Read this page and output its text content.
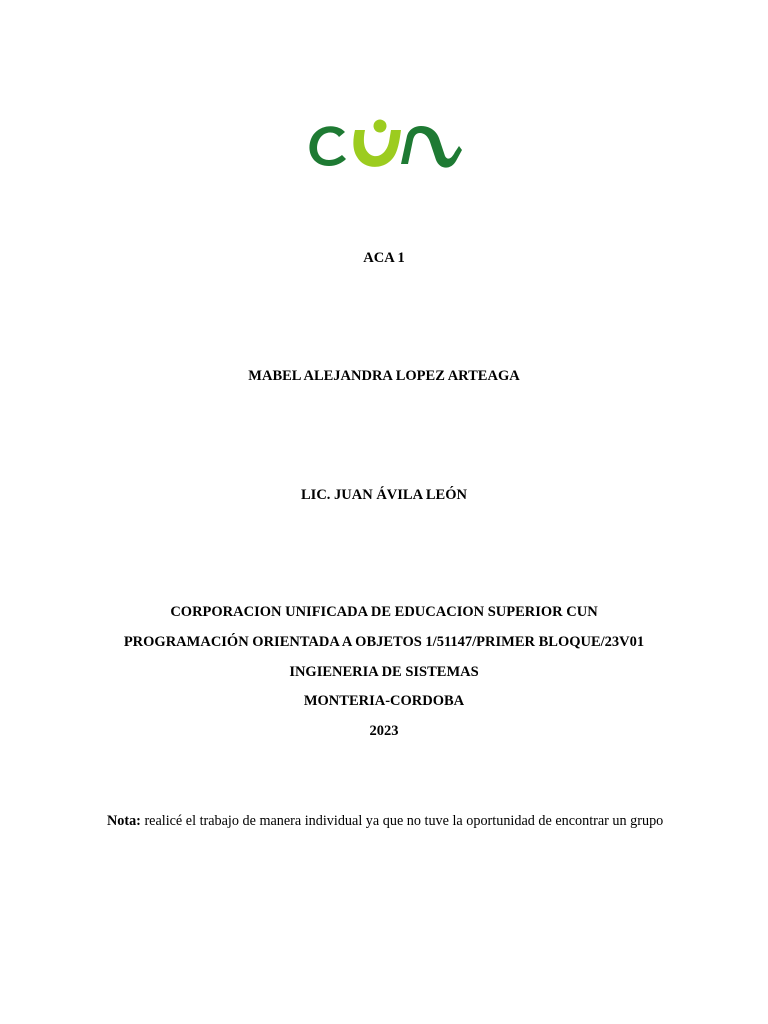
ACA 1
MABEL ALEJANDRA LOPEZ ARTEAGA
LIC. JUAN ÁVILA LEÓN
CORPORACION UNIFICADA DE EDUCACION SUPERIOR CUN
PROGRAMACIÓN ORIENTADA A OBJETOS 1/51147/PRIMER BLOQUE/23V01
INGIENERIA DE SISTEMAS
MONTERIA-CORDOBA
2023
Nota: realicé el trabajo de manera individual ya que no tuve la oportunidad de encontrar un grupo
